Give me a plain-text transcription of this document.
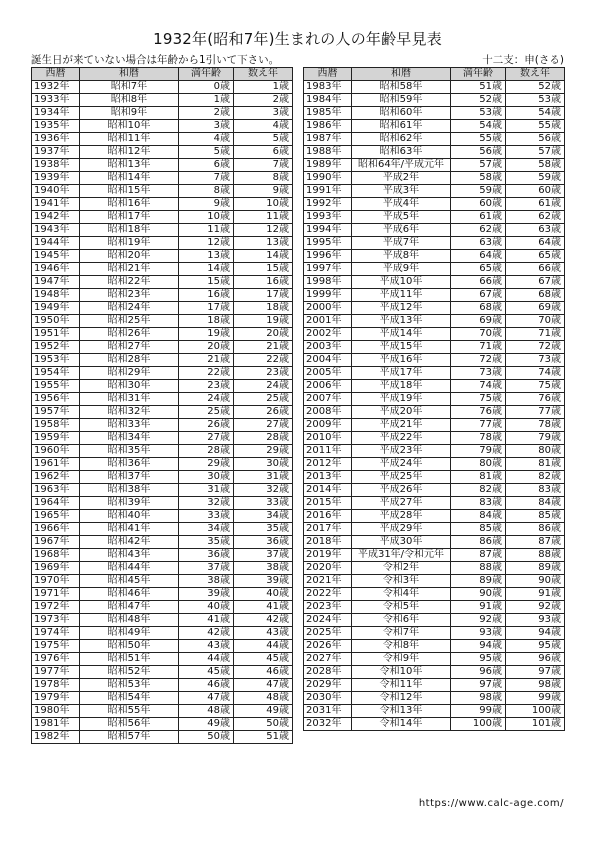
1932年(昭和7年)生まれの人の年齢早見表
誕生日が来ていない場合は年齢から1引いて下さい。	十二支：申(さる)
西暦	和暦	満年齢	数え年
1932年	昭和7年	0歳	1歳
1933年	昭和8年	1歳	2歳
1934年	昭和9年	2歳	3歳
1935年	昭和10年	3歳	4歳
1936年	昭和11年	4歳	5歳
1937年	昭和12年	5歳	6歳
1938年	昭和13年	6歳	7歳
1939年	昭和14年	7歳	8歳
1940年	昭和15年	8歳	9歳
1941年	昭和16年	9歳	10歳
1942年	昭和17年	10歳	11歳
1943年	昭和18年	11歳	12歳
1944年	昭和19年	12歳	13歳
1945年	昭和20年	13歳	14歳
1946年	昭和21年	14歳	15歳
1947年	昭和22年	15歳	16歳
1948年	昭和23年	16歳	17歳
1949年	昭和24年	17歳	18歳
1950年	昭和25年	18歳	19歳
1951年	昭和26年	19歳	20歳
1952年	昭和27年	20歳	21歳
1953年	昭和28年	21歳	22歳
1954年	昭和29年	22歳	23歳
1955年	昭和30年	23歳	24歳
1956年	昭和31年	24歳	25歳
1957年	昭和32年	25歳	26歳
1958年	昭和33年	26歳	27歳
1959年	昭和34年	27歳	28歳
1960年	昭和35年	28歳	29歳
1961年	昭和36年	29歳	30歳
1962年	昭和37年	30歳	31歳
1963年	昭和38年	31歳	32歳
1964年	昭和39年	32歳	33歳
1965年	昭和40年	33歳	34歳
1966年	昭和41年	34歳	35歳
1967年	昭和42年	35歳	36歳
1968年	昭和43年	36歳	37歳
1969年	昭和44年	37歳	38歳
1970年	昭和45年	38歳	39歳
1971年	昭和46年	39歳	40歳
1972年	昭和47年	40歳	41歳
1973年	昭和48年	41歳	42歳
1974年	昭和49年	42歳	43歳
1975年	昭和50年	43歳	44歳
1976年	昭和51年	44歳	45歳
1977年	昭和52年	45歳	46歳
1978年	昭和53年	46歳	47歳
1979年	昭和54年	47歳	48歳
1980年	昭和55年	48歳	49歳
1981年	昭和56年	49歳	50歳
1982年	昭和57年	50歳	51歳
西暦	和暦	満年齢	数え年
1983年	昭和58年	51歳	52歳
1984年	昭和59年	52歳	53歳
1985年	昭和60年	53歳	54歳
1986年	昭和61年	54歳	55歳
1987年	昭和62年	55歳	56歳
1988年	昭和63年	56歳	57歳
1989年	昭和64年/平成元年	57歳	58歳
1990年	平成2年	58歳	59歳
1991年	平成3年	59歳	60歳
1992年	平成4年	60歳	61歳
1993年	平成5年	61歳	62歳
1994年	平成6年	62歳	63歳
1995年	平成7年	63歳	64歳
1996年	平成8年	64歳	65歳
1997年	平成9年	65歳	66歳
1998年	平成10年	66歳	67歳
1999年	平成11年	67歳	68歳
2000年	平成12年	68歳	69歳
2001年	平成13年	69歳	70歳
2002年	平成14年	70歳	71歳
2003年	平成15年	71歳	72歳
2004年	平成16年	72歳	73歳
2005年	平成17年	73歳	74歳
2006年	平成18年	74歳	75歳
2007年	平成19年	75歳	76歳
2008年	平成20年	76歳	77歳
2009年	平成21年	77歳	78歳
2010年	平成22年	78歳	79歳
2011年	平成23年	79歳	80歳
2012年	平成24年	80歳	81歳
2013年	平成25年	81歳	82歳
2014年	平成26年	82歳	83歳
2015年	平成27年	83歳	84歳
2016年	平成28年	84歳	85歳
2017年	平成29年	85歳	86歳
2018年	平成30年	86歳	87歳
2019年	平成31年/令和元年	87歳	88歳
2020年	令和2年	88歳	89歳
2021年	令和3年	89歳	90歳
2022年	令和4年	90歳	91歳
2023年	令和5年	91歳	92歳
2024年	令和6年	92歳	93歳
2025年	令和7年	93歳	94歳
2026年	令和8年	94歳	95歳
2027年	令和9年	95歳	96歳
2028年	令和10年	96歳	97歳
2029年	令和11年	97歳	98歳
2030年	令和12年	98歳	99歳
2031年	令和13年	99歳	100歳
2032年	令和14年	100歳	101歳
https://www.calc-age.com/
